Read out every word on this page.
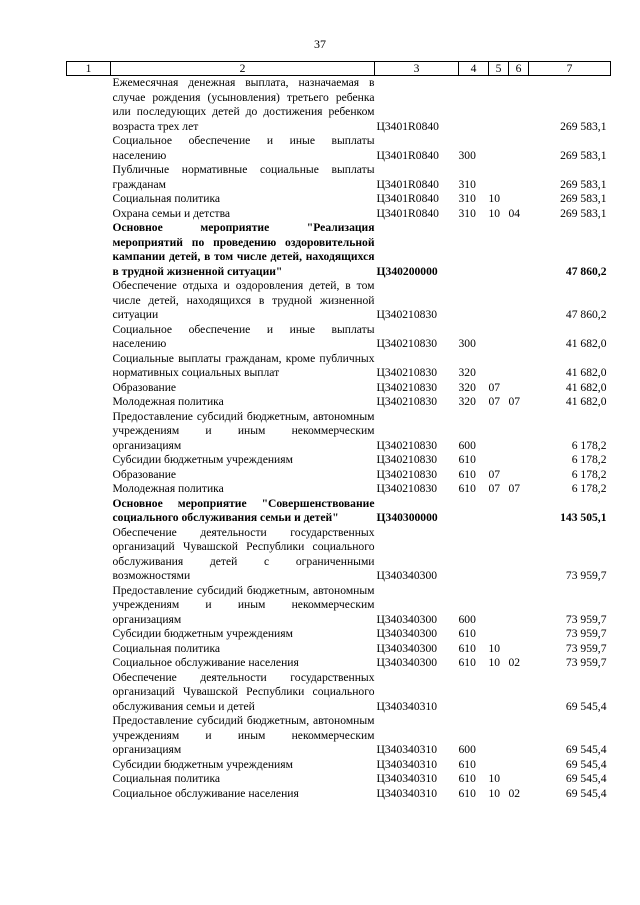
37
1	2	3	4	5	6	7
	Ежемесячная денежная выплата, назначаемая в случае рождения (усыновления) третьего ребенка или последующих детей до достижения ребенком возраста трех лет	Ц3401R0840				269 583,1
	Социальное обеспечение и иные выплаты населению	Ц3401R0840	300			269 583,1
	Публичные нормативные социальные выплаты гражданам	Ц3401R0840	310			269 583,1
	Социальная политика	Ц3401R0840	310	10		269 583,1
	Охрана семьи и детства	Ц3401R0840	310	10	04	269 583,1
	Основное мероприятие "Реализация мероприятий по проведению оздоровительной кампании детей, в том числе детей, находящихся в трудной жизненной ситуации"	Ц340200000				47 860,2
	Обеспечение отдыха и оздоровления детей, в том числе детей, находящихся в трудной жизненной ситуации	Ц340210830				47 860,2
	Социальное обеспечение и иные выплаты населению	Ц340210830	300			41 682,0
	Социальные выплаты гражданам, кроме публичных нормативных социальных выплат	Ц340210830	320			41 682,0
	Образование	Ц340210830	320	07		41 682,0
	Молодежная политика	Ц340210830	320	07	07	41 682,0
	Предоставление субсидий бюджетным, автономным учреждениям и иным некоммерческим организациям	Ц340210830	600			6 178,2
	Субсидии бюджетным учреждениям	Ц340210830	610			6 178,2
	Образование	Ц340210830	610	07		6 178,2
	Молодежная политика	Ц340210830	610	07	07	6 178,2
	Основное мероприятие "Совершенствование социального обслуживания семьи и детей"	Ц340300000				143 505,1
	Обеспечение деятельности государственных организаций Чувашской Республики социального обслуживания детей с ограниченными возможностями	Ц340340300				73 959,7
	Предоставление субсидий бюджетным, автономным учреждениям и иным некоммерческим организациям	Ц340340300	600			73 959,7
	Субсидии бюджетным учреждениям	Ц340340300	610			73 959,7
	Социальная политика	Ц340340300	610	10		73 959,7
	Социальное обслуживание населения	Ц340340300	610	10	02	73 959,7
	Обеспечение деятельности государственных организаций Чувашской Республики социального обслуживания семьи и детей	Ц340340310				69 545,4
	Предоставление субсидий бюджетным, автономным учреждениям и иным некоммерческим организациям	Ц340340310	600			69 545,4
	Субсидии бюджетным учреждениям	Ц340340310	610			69 545,4
	Социальная политика	Ц340340310	610	10		69 545,4
	Социальное обслуживание населения	Ц340340310	610	10	02	69 545,4
